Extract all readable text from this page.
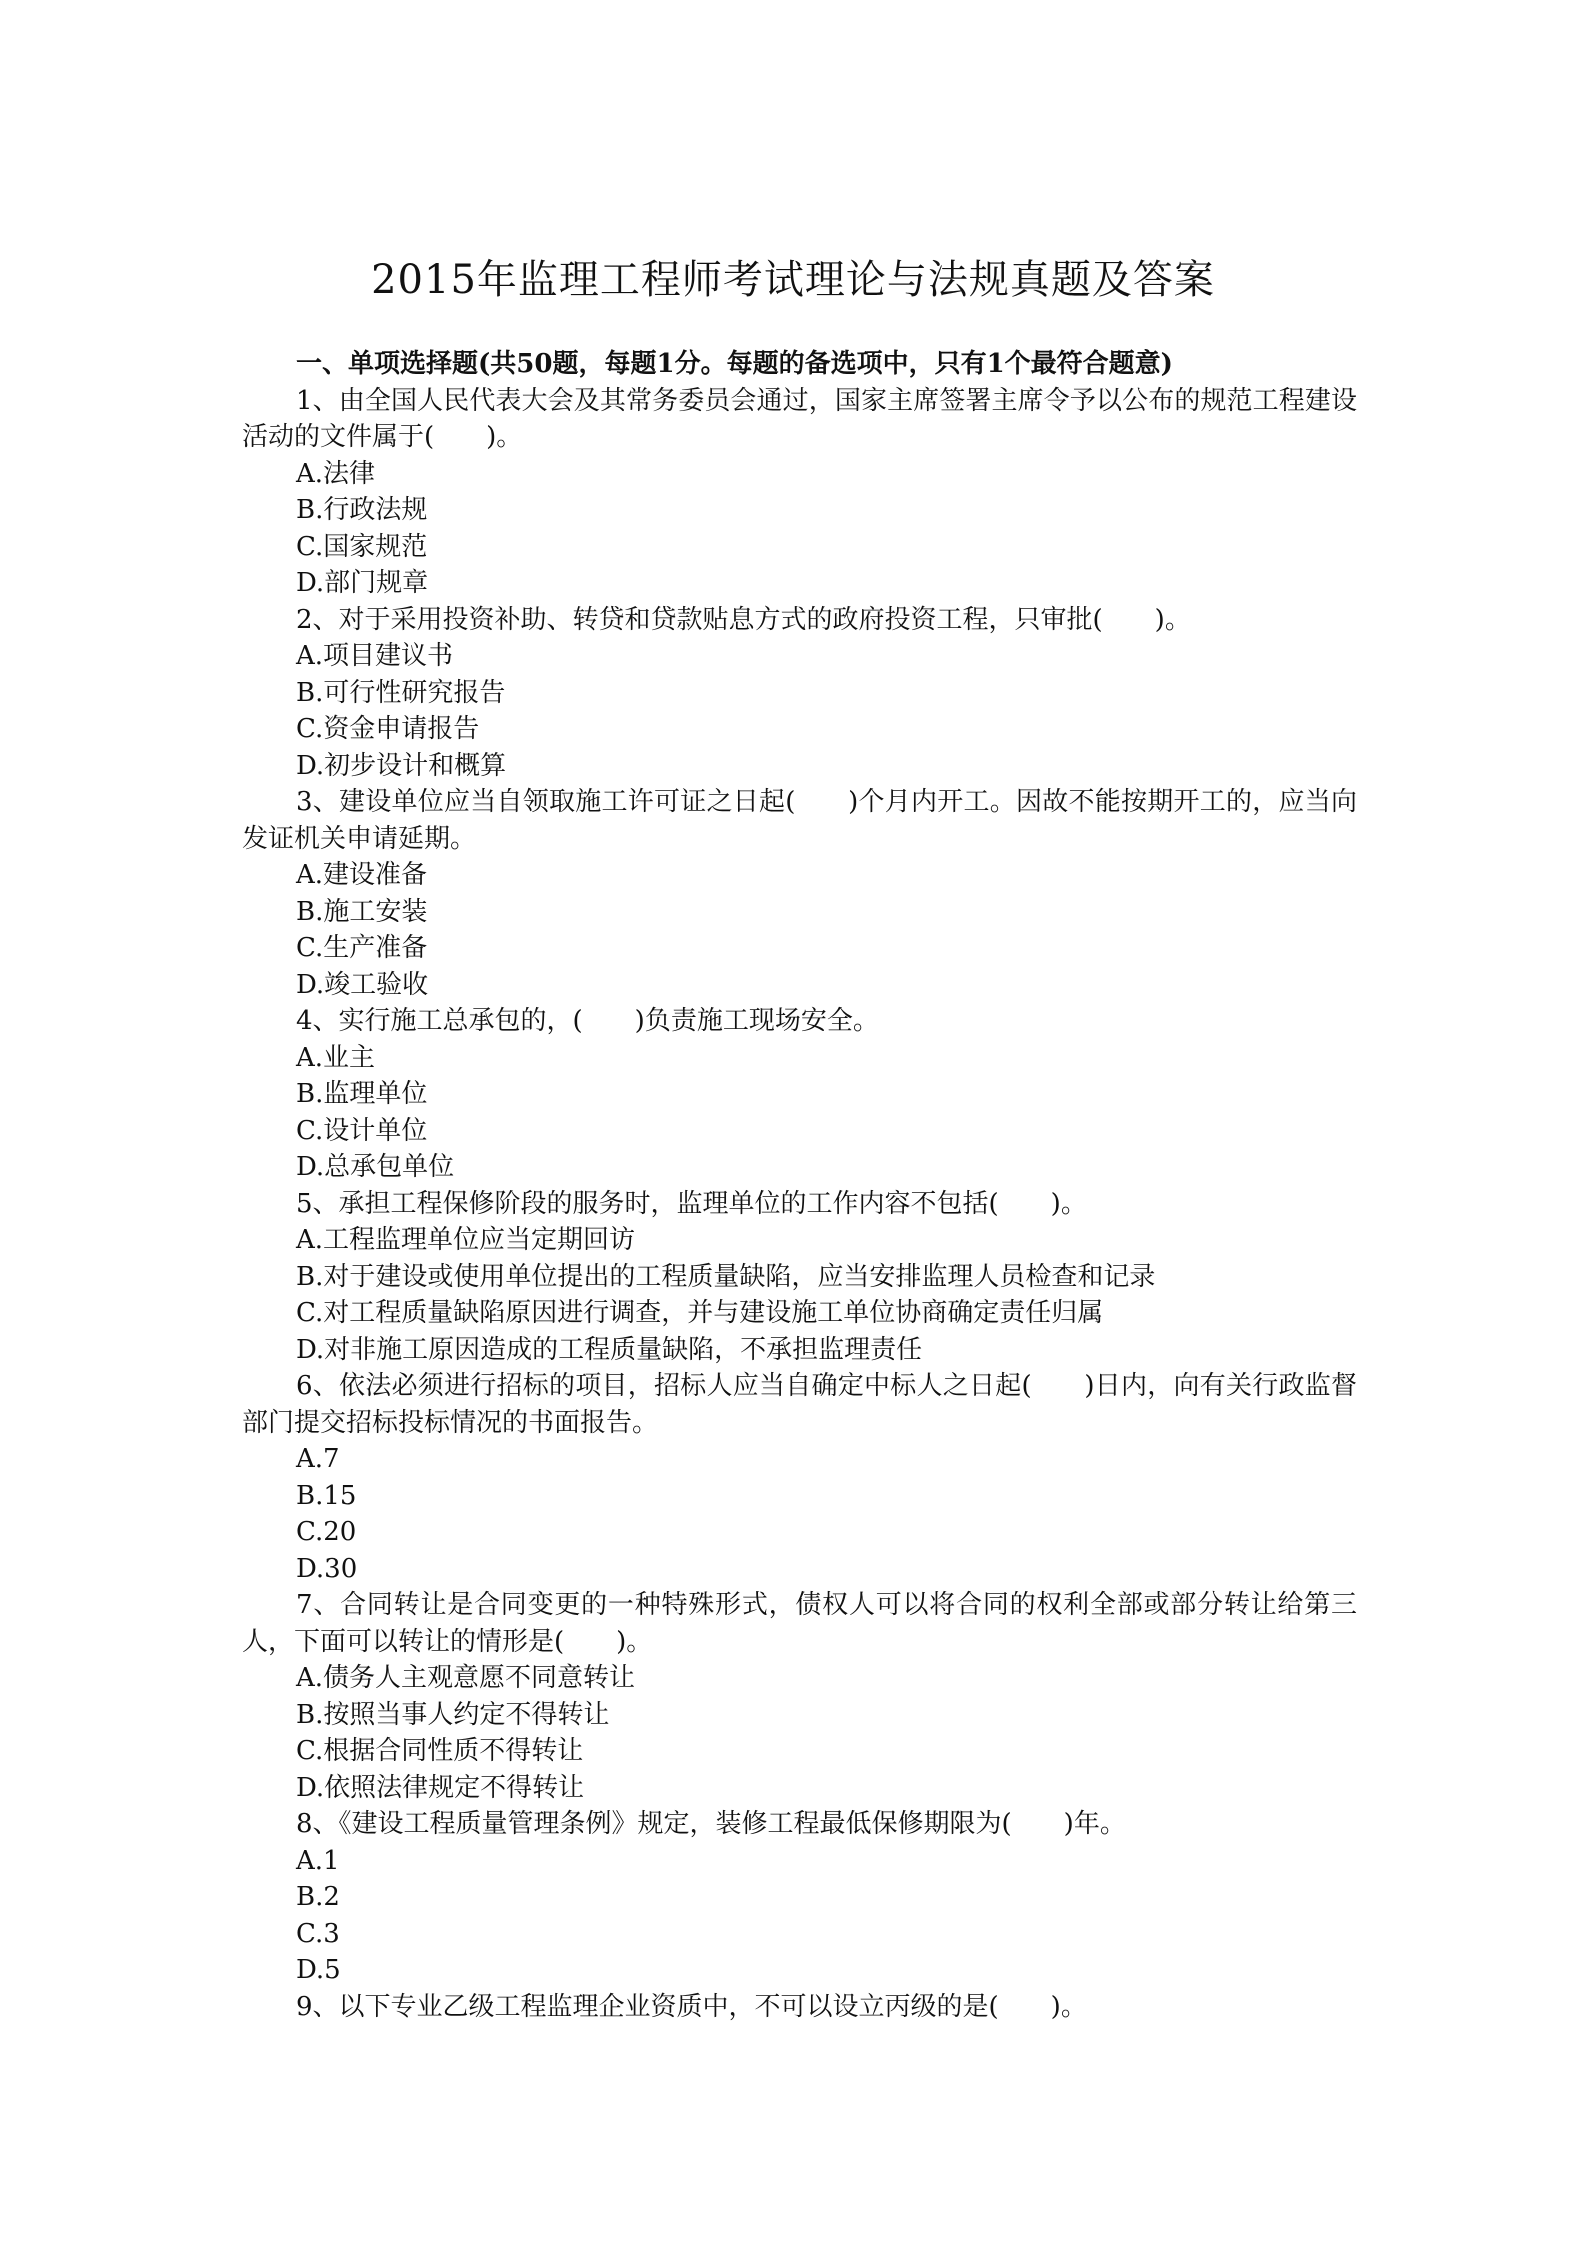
2015年监理工程师考试理论与法规真题及答案
一、单项选择题(共50题，每题1分。每题的备选项中，只有1个最符合题意)
1、由全国人民代表大会及其常务委员会通过，国家主席签署主席令予以公布的规范工程建设活动的文件属于(　　)。
A.法律
B.行政法规
C.国家规范
D.部门规章
2、对于采用投资补助、转贷和贷款贴息方式的政府投资工程，只审批(　　)。
A.项目建议书
B.可行性研究报告
C.资金申请报告
D.初步设计和概算
3、建设单位应当自领取施工许可证之日起(　　)个月内开工。因故不能按期开工的，应当向发证机关申请延期。
A.建设准备
B.施工安装
C.生产准备
D.竣工验收
4、实行施工总承包的，(　　)负责施工现场安全。
A.业主
B.监理单位
C.设计单位
D.总承包单位
5、承担工程保修阶段的服务时，监理单位的工作内容不包括(　　)。
A.工程监理单位应当定期回访
B.对于建设或使用单位提出的工程质量缺陷，应当安排监理人员检查和记录
C.对工程质量缺陷原因进行调查，并与建设施工单位协商确定责任归属
D.对非施工原因造成的工程质量缺陷，不承担监理责任
6、依法必须进行招标的项目，招标人应当自确定中标人之日起(　　)日内，向有关行政监督部门提交招标投标情况的书面报告。
A.7
B.15
C.20
D.30
7、合同转让是合同变更的一种特殊形式，债权人可以将合同的权利全部或部分转让给第三人，下面可以转让的情形是(　　)。
A.债务人主观意愿不同意转让
B.按照当事人约定不得转让
C.根据合同性质不得转让
D.依照法律规定不得转让
8、《建设工程质量管理条例》规定，装修工程最低保修期限为(　　)年。
A.1
B.2
C.3
D.5
9、以下专业乙级工程监理企业资质中，不可以设立丙级的是(　　)。
